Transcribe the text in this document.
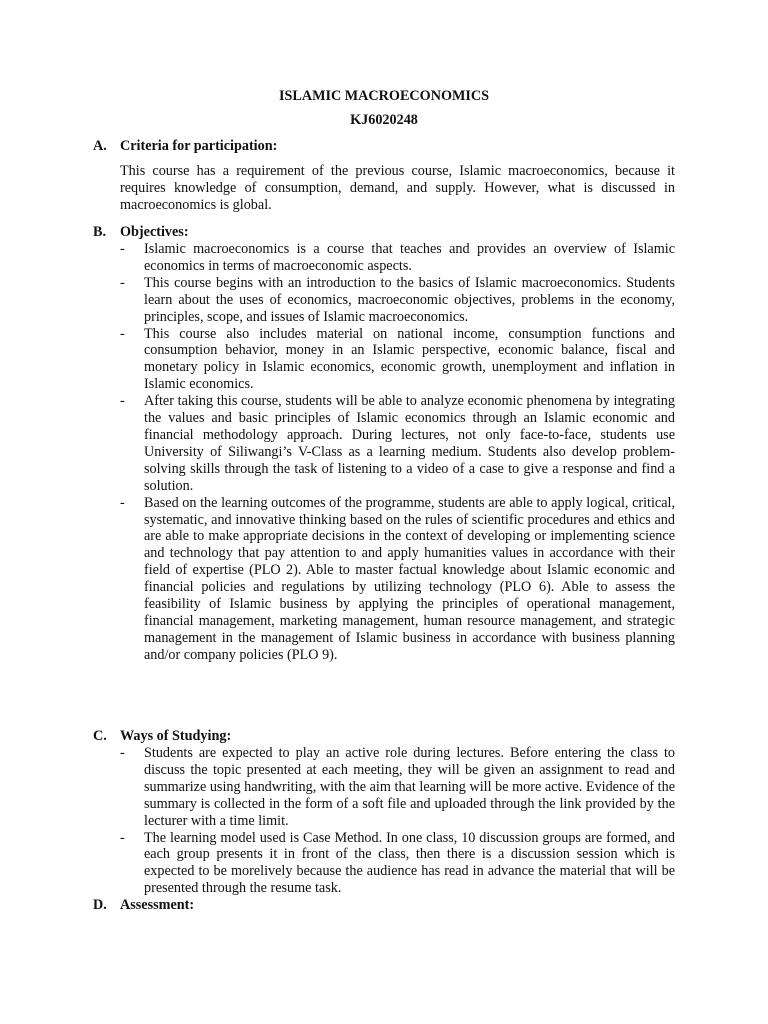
ISLAMIC MACROECONOMICS
KJ6020248
A. Criteria for participation:

This course has a requirement of the previous course, Islamic macroeconomics, because it requires knowledge of consumption, demand, and supply. However, what is discussed in macroeconomics is global.

B. Objectives:
-	Islamic macroeconomics is a course that teaches and provides an overview of Islamic economics in terms of macroeconomic aspects.
-	This course begins with an introduction to the basics of Islamic macroeconomics. Students learn about the uses of economics, macroeconomic objectives, problems in the economy, principles, scope, and issues of Islamic macroeconomics.
-	This course also includes material on national income, consumption functions and consumption behavior, money in an Islamic perspective, economic balance, fiscal and monetary policy in Islamic economics, economic growth, unemployment and inflation in Islamic economics.
-	After taking this course, students will be able to analyze economic phenomena by integrating the values and basic principles of Islamic economics through an Islamic economic and financial methodology approach. During lectures, not only face-to-face, students use University of Siliwangi’s V-Class as a learning medium. Students also develop problem-solving skills through the task of listening to a video of a case to give a response and find a solution.
-	Based on the learning outcomes of the programme, students are able to apply logical, critical, systematic, and innovative thinking based on the rules of scientific procedures and ethics and are able to make appropriate decisions in the context of developing or implementing science and technology that pay attention to and apply humanities values in accordance with their field of expertise (PLO 2). Able to master factual knowledge about Islamic economic and financial policies and regulations by utilizing technology (PLO 6). Able to assess the feasibility of Islamic business by applying the principles of operational management, financial management, marketing management, human resource management, and strategic management in the management of Islamic business in accordance with business planning and/or company policies (PLO 9).
C. Ways of Studying:
-	Students are expected to play an active role during lectures. Before entering the class to discuss the topic presented at each meeting, they will be given an assignment to read and summarize using handwriting, with the aim that learning will be more active. Evidence of the summary is collected in the form of a soft file and uploaded through the link provided by the lecturer with a time limit.
-	The learning model used is Case Method. In one class, 10 discussion groups are formed, and each group presents it in front of the class, then there is a discussion session which is expected to be morelively because the audience has read in advance the material that will be presented through the resume task.
D. Assessment:
